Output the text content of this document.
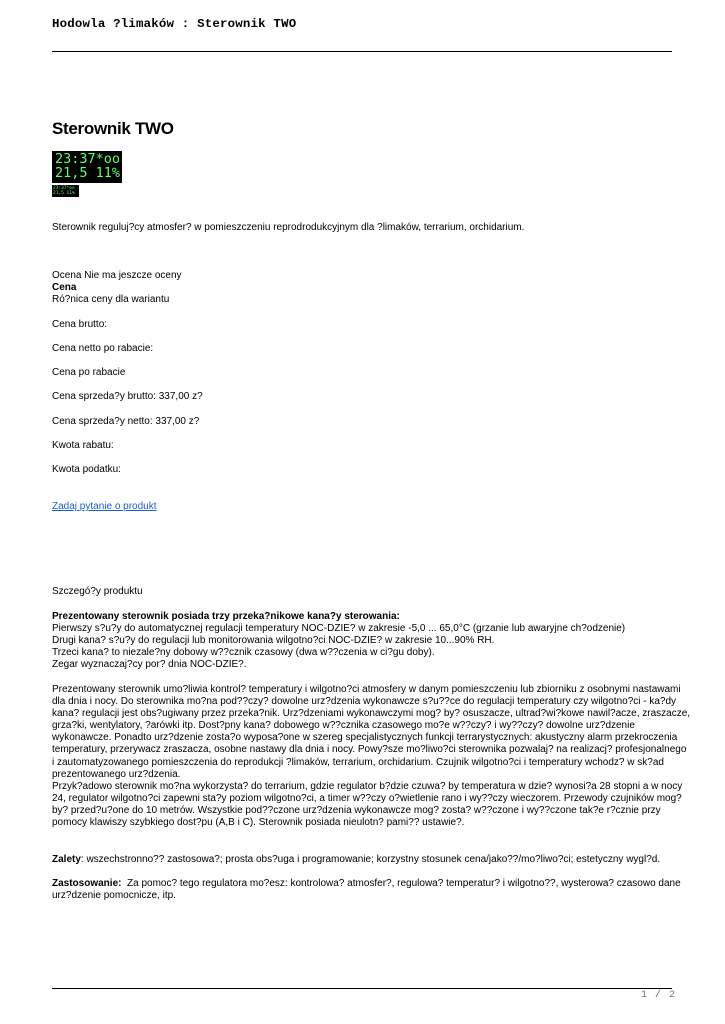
Hodowla ?limaków : Sterownik TWO
Sterownik TWO
23:37*oo
21,5 11%
23:37*oo
21,5 11%
Sterownik reguluj?cy atmosfer? w pomieszczeniu reprodrodukcyjnym dla ?limaków, terrarium, orchidarium.
Ocena Nie ma jeszcze oceny
Cena
Ró?nica ceny dla wariantu
Cena brutto:
Cena netto po rabacie:
Cena po rabacie
Cena sprzeda?y brutto: 337,00 z?
Cena sprzeda?y netto: 337,00 z?
Kwota rabatu:
Kwota podatku:
Zadaj pytanie o produkt
Szczegó?y produktu
Prezentowany sterownik posiada trzy przeka?nikowe kana?y sterowania:
Pierwszy s?u?y do automatycznej regulacji temperatury NOC-DZIE? w zakresie -5,0 ... 65,0°C (grzanie lub awaryjne ch?odzenie)
Drugi kana? s?u?y do regulacji lub monitorowania wilgotno?ci NOC-DZIE? w zakresie 10...90% RH.
Trzeci kana? to niezale?ny dobowy w??cznik czasowy (dwa w??czenia w ci?gu doby).
Zegar wyznaczaj?cy por? dnia NOC-DZIE?.
Prezentowany sterownik umo?liwia kontrol? temperatury i wilgotno?ci atmosfery w danym pomieszczeniu lub zbiorniku z osobnymi nastawami
dla dnia i nocy. Do sterownika mo?na pod??czy? dowolne urz?dzenia wykonawcze s?u??ce do regulacji temperatury czy wilgotno?ci - ka?dy
kana? regulacji jest obs?ugiwany przez przeka?nik. Urz?dzeniami wykonawczymi mog? by? osuszacze, ultrad?wi?kowe nawil?acze, zraszacze,
grza?ki, wentylatory, ?arówki itp. Dost?pny kana? dobowego w??cznika czasowego mo?e w??czy? i wy??czy? dowolne urz?dzenie
wykonawcze. Ponadto urz?dzenie zosta?o wyposa?one w szereg specjalistycznych funkcji terrarystycznych: akustyczny alarm przekroczenia
temperatury, przerywacz zraszacza, osobne nastawy dla dnia i nocy. Powy?sze mo?liwo?ci sterownika pozwalaj? na realizacj? profesjonalnego
i zautomatyzowanego pomieszczenia do reprodukcji ?limaków, terrarium, orchidarium. Czujnik wilgotno?ci i temperatury wchodz? w sk?ad
prezentowanego urz?dzenia.
Przyk?adowo sterownik mo?na wykorzysta? do terrarium, gdzie regulator b?dzie czuwa? by temperatura w dzie? wynosi?a 28 stopni a w nocy
24, regulator wilgotno?ci zapewni sta?y poziom wilgotno?ci, a timer w??czy o?wietlenie rano i wy??czy wieczorem. Przewody czujników mog?
by? przed?u?one do 10 metrów. Wszystkie pod??czone urz?dzenia wykonawcze mog? zosta? w??czone i wy??czone tak?e r?cznie przy
pomocy klawiszy szybkiego dost?pu (A,B i C). Sterownik posiada nieulotn? pami?? ustawie?.
Zalety: wszechstronno?? zastosowa?; prosta obs?uga i programowanie; korzystny stosunek cena/jako??/mo?liwo?ci; estetyczny wygl?d.
Zastosowanie:  Za pomoc? tego regulatora mo?esz: kontrolowa? atmosfer?, regulowa? temperatur? i wilgotno??, wysterowa? czasowo dane
urz?dzenie pomocnicze, itp.
1 / 2
